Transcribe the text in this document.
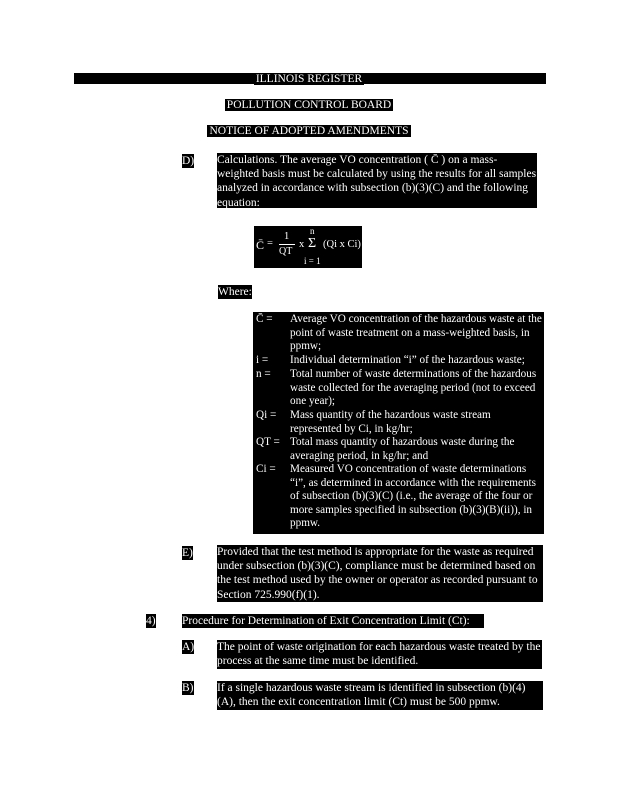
ILLINOIS REGISTER
POLLUTION CONTROL BOARD
NOTICE OF ADOPTED AMENDMENTS
D) Calculations. The average VO concentration ( C̄ ) on a mass-weighted basis must be calculated by using the results for all samples analyzed in accordance with subsection (b)(3)(C) and the following equation:
C̄ =
1
QT
x
n
Σ
i = 1
(Qi x Ci)
Where:
C̄ = Average VO concentration of the hazardous waste at the point of waste treatment on a mass-weighted basis, in ppmw;
i = Individual determination “i” of the hazardous waste;
n = Total number of waste determinations of the hazardous waste collected for the averaging period (not to exceed one year);
Qi = Mass quantity of the hazardous waste stream represented by Ci, in kg/hr;
QT = Total mass quantity of hazardous waste during the averaging period, in kg/hr; and
Ci = Measured VO concentration of waste determinations “i”, as determined in accordance with the requirements of subsection (b)(3)(C) (i.e., the average of the four or more samples specified in subsection (b)(3)(B)(ii)), in ppmw.
E) Provided that the test method is appropriate for the waste as required under subsection (b)(3)(C), compliance must be determined based on the test method used by the owner or operator as recorded pursuant to Section 725.990(f)(1).
4) Procedure for Determination of Exit Concentration Limit (Ct):
A) The point of waste origination for each hazardous waste treated by the process at the same time must be identified.
B) If a single hazardous waste stream is identified in subsection (b)(4)(A), then the exit concentration limit (Ct) must be 500 ppmw.
